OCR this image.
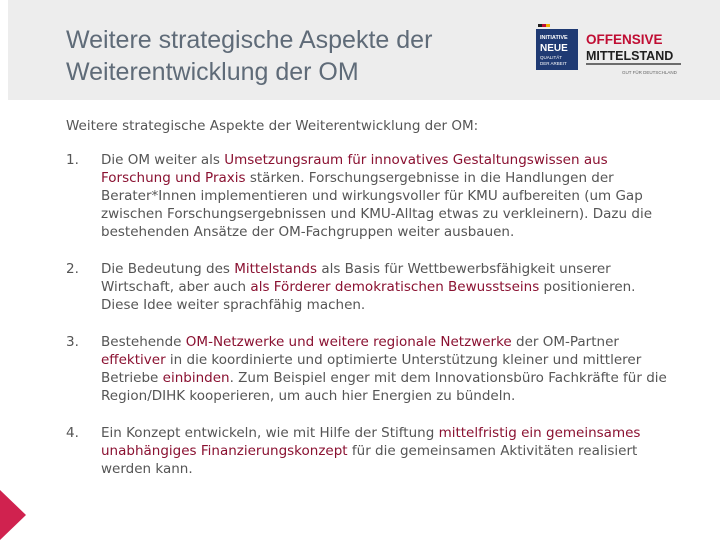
Weitere strategische Aspekte der
Weiterentwicklung der OM
INITIATIVE
NEUE
QUALITÄT
DER ARBEIT
OFFENSIVE
MITTELSTAND
GUT FÜR DEUTSCHLAND
Weitere strategische Aspekte der Weiterentwicklung der OM:
1. Die OM weiter als Umsetzungsraum für innovatives Gestaltungswissen aus Forschung und Praxis stärken. Forschungsergebnisse in die Handlungen der Berater*Innen implementieren und wirkungsvoller für KMU aufbereiten (um Gap zwischen Forschungsergebnissen und KMU-Alltag etwas zu verkleinern). Dazu die bestehenden Ansätze der OM-Fachgruppen weiter ausbauen.
2. Die Bedeutung des Mittelstands als Basis für Wettbewerbsfähigkeit unserer Wirtschaft, aber auch als Förderer demokratischen Bewusstseins positionieren. Diese Idee weiter sprachfähig machen.
3. Bestehende OM-Netzwerke und weitere regionale Netzwerke der OM-Partner effektiver in die koordinierte und optimierte Unterstützung kleiner und mittlerer Betriebe einbinden. Zum Beispiel enger mit dem Innovationsbüro Fachkräfte für die Region/DIHK kooperieren, um auch hier Energien zu bündeln.
4. Ein Konzept entwickeln, wie mit Hilfe der Stiftung mittelfristig ein gemeinsames unabhängiges Finanzierungskonzept für die gemeinsamen Aktivitäten realisiert werden kann.
